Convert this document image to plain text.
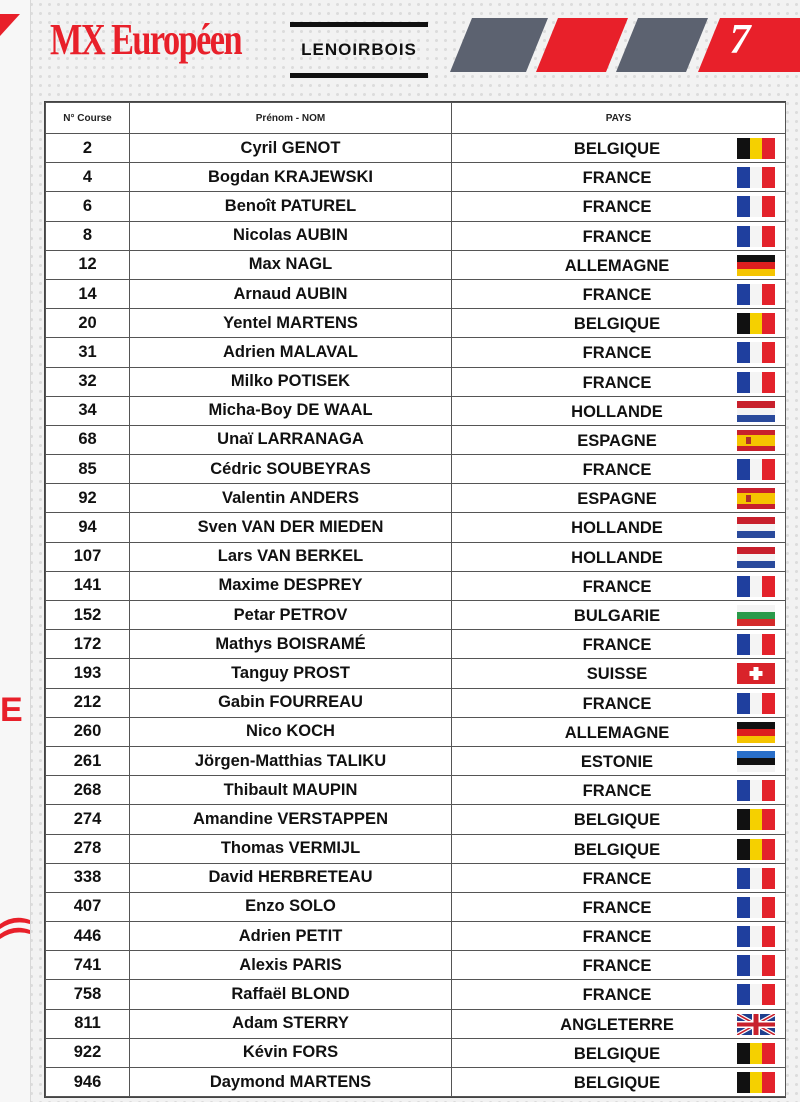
E
MX Européen	LENOIRBOIS	7
N° Course	Prénom - NOM	PAYS
2	Cyril GENOT	BELGIQUE

4	Bogdan KRAJEWSKI	FRANCE

6	Benoît PATUREL	FRANCE

8	Nicolas AUBIN	FRANCE

12	Max NAGL	ALLEMAGNE

14	Arnaud AUBIN	FRANCE

20	Yentel MARTENS	BELGIQUE

31	Adrien MALAVAL	FRANCE

32	Milko POTISEK	FRANCE

34	Micha-Boy DE WAAL	HOLLANDE

68	Unaï LARRANAGA	ESPAGNE

85	Cédric SOUBEYRAS	FRANCE

92	Valentin ANDERS	ESPAGNE

94	Sven VAN DER MIEDEN	HOLLANDE

107	Lars VAN BERKEL	HOLLANDE

141	Maxime DESPREY	FRANCE

152	Petar PETROV	BULGARIE

172	Mathys BOISRAMÉ	FRANCE

193	Tanguy PROST	SUISSE

212	Gabin FOURREAU	FRANCE

260	Nico KOCH	ALLEMAGNE

261	Jörgen-Matthias TALIKU	ESTONIE

268	Thibault MAUPIN	FRANCE

274	Amandine VERSTAPPEN	BELGIQUE

278	Thomas VERMIJL	BELGIQUE

338	David HERBRETEAU	FRANCE

407	Enzo SOLO	FRANCE

446	Adrien PETIT	FRANCE

741	Alexis PARIS	FRANCE

758	Raffaël BLOND	FRANCE

811	Adam STERRY	ANGLETERRE

922	Kévin FORS	BELGIQUE

946	Daymond MARTENS	BELGIQUE
